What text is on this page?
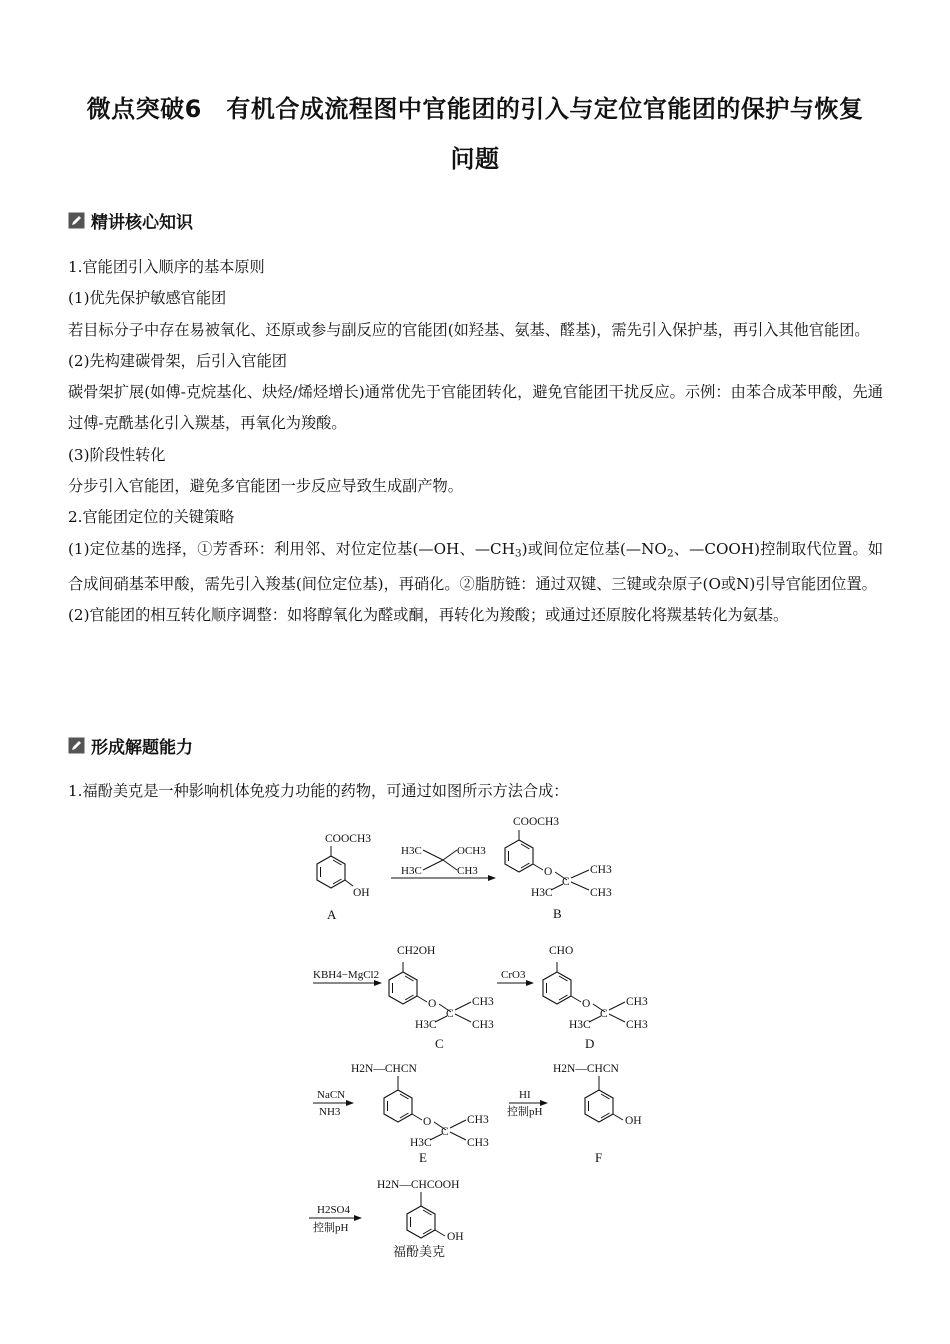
微点突破6　有机合成流程图中官能团的引入与定位官能团的保护与恢复
问题
精讲核心知识

1.官能团引入顺序的基本原则

(1)优先保护敏感官能团

若目标分子中存在易被氧化、还原或参与副反应的官能团(如羟基、氨基、醛基)，需先引入保护基，再引入其他官能团。

(2)先构建碳骨架，后引入官能团

碳骨架扩展(如傅-克烷基化、炔烃/烯烃增长)通常优先于官能团转化，避免官能团干扰反应。示例：由苯合成苯甲酸，先通过傅-克酰基化引入羰基，再氧化为羧酸。

(3)阶段性转化

分步引入官能团，避免多官能团一步反应导致生成副产物。

2.官能团定位的关键策略

(1)定位基的选择，①芳香环：利用邻、对位定位基(—OH、$—CH_3$)或间位定位基($—NO_2$、—COOH)控制取代位置。如合成间硝基苯甲酸，需先引入羧基(间位定位基)，再硝化。②脂肪链：通过双键、三键或杂原子(O或N)引导官能团位置。

(2)官能团的相互转化顺序调整：如将醇氧化为醛或酮，再转化为羧酸；或通过还原胺化将羰基转化为氨基。

形成解题能力
1.福酚美克是一种影响机体免疫力功能的药物，可通过如图所示方法合成：
COOCH3
OH
A
H3C	OCH3
H3C	CH3
COOCH3
O
C
CH3
CH3
H3C
B
KBH4−MgCl2
CH2OH
O
C
CH3
CH3
H3C
C
CrO3
CHO
O
C
CH3
CH3
H3C
D
NaCN
NH3
H2N—CHCN
O
C
CH3
CH3
H3C
E
HI
控制pH
H2N—CHCN
OH
F
H2SO4
控制pH
H2N—CHCOOH
OH
福酚美克
